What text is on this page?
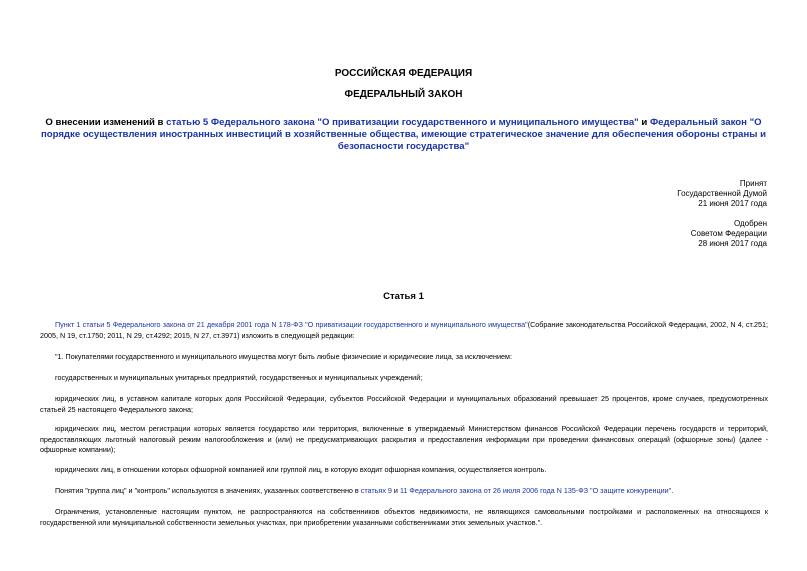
РОССИЙСКАЯ ФЕДЕРАЦИЯ
ФЕДЕРАЛЬНЫЙ ЗАКОН
О внесении изменений в статью 5 Федерального закона "О приватизации государственного и муниципального имущества" и Федеральный закон "О порядке осуществления иностранных инвестиций в хозяйственные общества, имеющие стратегическое значение для обеспечения обороны страны и безопасности государства"
Принят
Государственной Думой
21 июня 2017 года
Одобрен
Советом Федерации
28 июня 2017 года
Статья 1
Пункт 1 статьи 5 Федерального закона от 21 декабря 2001 года N 178-ФЗ "О приватизации государственного и муниципального имущества"(Собрание законодательства Российской Федерации, 2002, N 4, ст.251; 2005, N 19, ст.1750; 2011, N 29, ст.4292; 2015, N 27, ст.3971) изложить в следующей редакции:
"1. Покупателями государственного и муниципального имущества могут быть любые физические и юридические лица, за исключением:
государственных и муниципальных унитарных предприятий, государственных и муниципальных учреждений;
юридических лиц, в уставном капитале которых доля Российской Федерации, субъектов Российской Федерации и муниципальных образований превышает 25 процентов, кроме случаев, предусмотренных статьей 25 настоящего Федерального закона;
юридических лиц, местом регистрации которых является государство или территория, включенные в утверждаемый Министерством финансов Российской Федерации перечень государств и территорий, предоставляющих льготный налоговый режим налогообложения и (или) не предусматривающих раскрытия и предоставления информации при проведении финансовых операций (офшорные зоны) (далее - офшорные компании);
юридических лиц, в отношении которых офшорной компанией или группой лиц, в которую входит офшорная компания, осуществляется контроль.
Понятия "группа лиц" и "контроль" используются в значениях, указанных соответственно в статьях 9 и 11 Федерального закона от 26 июля 2006 года N 135-ФЗ "О защите конкуренции".
Ограничения, установленные настоящим пунктом, не распространяются на собственников объектов недвижимости, не являющихся самовольными постройками и расположенных на относящихся к государственной или муниципальной собственности земельных участках, при приобретении указанными собственниками этих земельных участков.".
